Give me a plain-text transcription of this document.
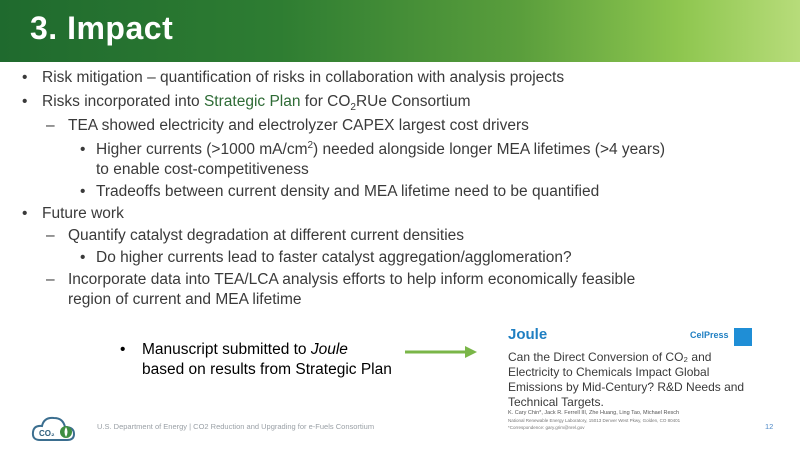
3. Impact
• Risk mitigation – quantification of risks in collaboration with analysis projects
• Risks incorporated into Strategic Plan for $CO_2RUe$ Consortium
– TEA showed electricity and electrolyzer CAPEX largest cost drivers
• Higher currents (>1000 $mA/cm^2$) needed alongside longer MEA lifetimes (>4 years)
to enable cost-competitiveness
• Tradeoffs between current density and MEA lifetime need to be quantified
• Future work
– Quantify catalyst degradation at different current densities
• Do higher currents lead to faster catalyst aggregation/agglomeration?
– Incorporate data into TEA/LCA analysis efforts to help inform economically feasible
region of current and MEA lifetime
• Manuscript submitted to Joule based on results from Strategic Plan
Joule	CelPress
Can the Direct Conversion of CO₂ and Electricity to Chemicals Impact Global Emissions by Mid-Century? R&D Needs and Technical Targets.
K. Cary Chin*, Jack R. Ferrell III, Zhe Huang, Ling Tao, Michael Resch
National Renewable Energy Laboratory, 15013 Denver West Pkwy, Golden, CO 80401
*Correspondence: gary.grim@nrel.gov
CO₂
U.S. Department of Energy | CO2 Reduction and Upgrading for e-Fuels Consortium	12
